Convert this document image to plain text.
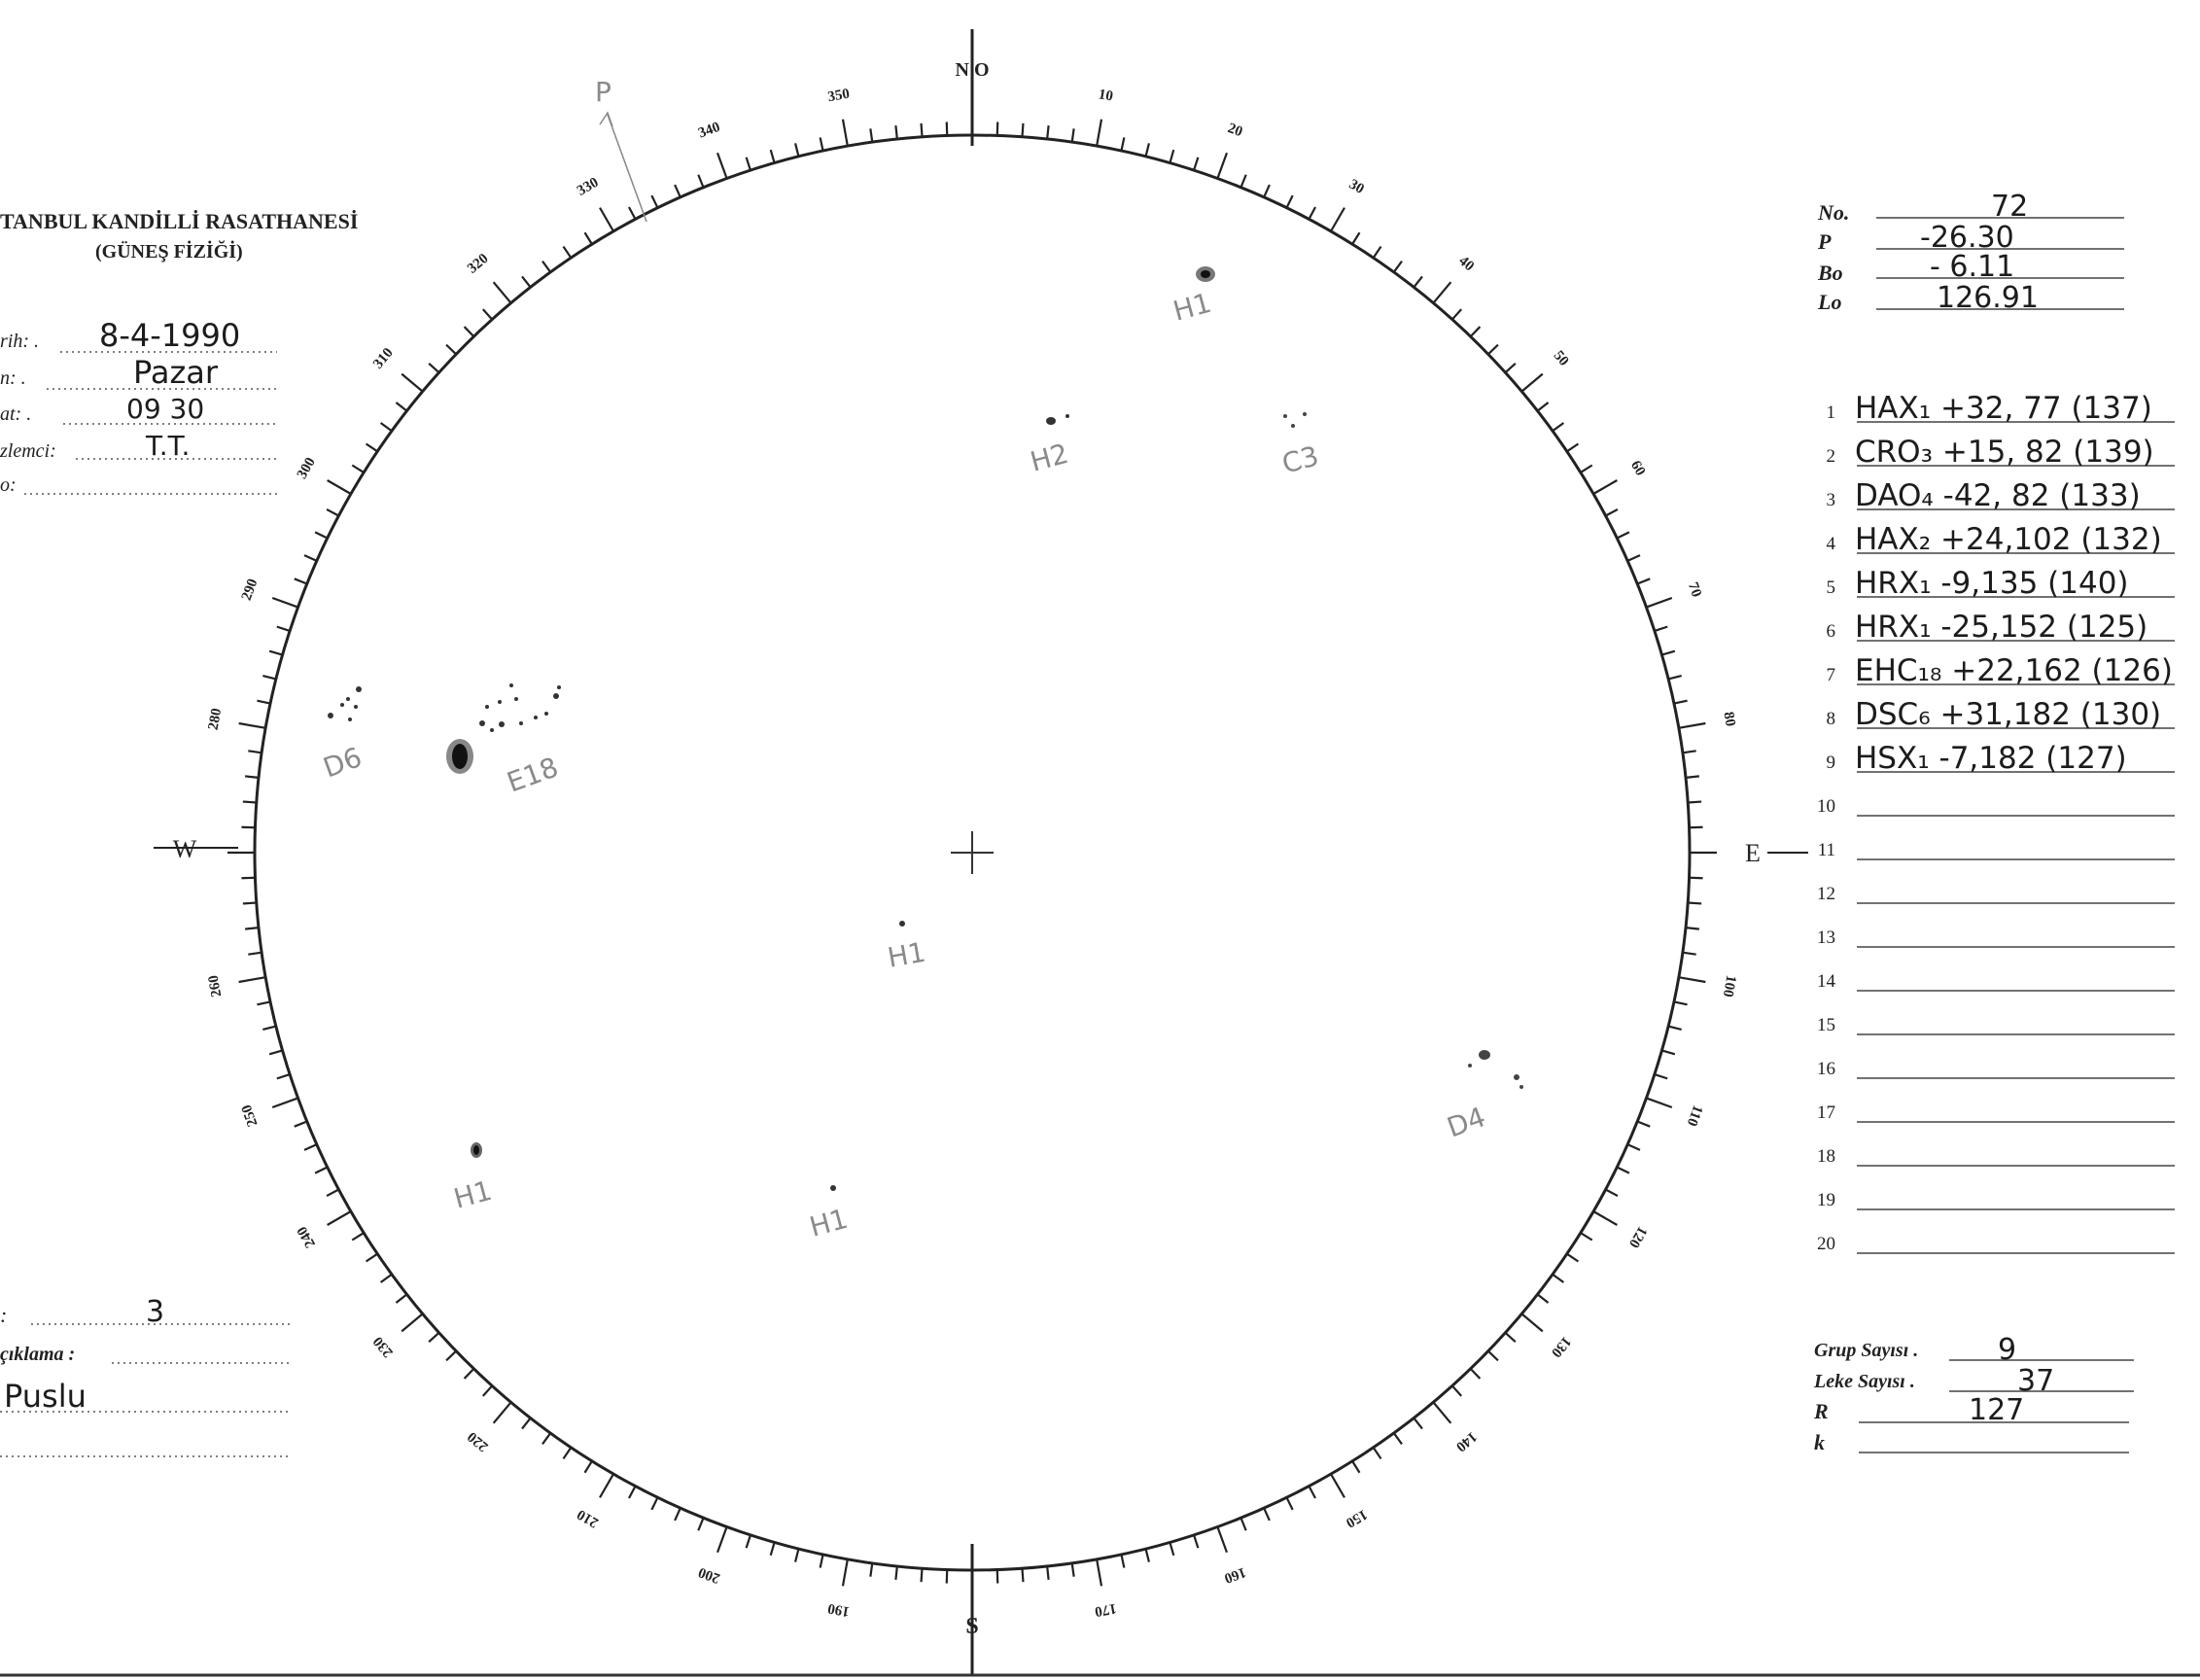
TANBUL KANDİLLİ RASATHANESİ
(GÜNEŞ FİZİĞİ)
rih: . 8-4-1990
n: .	Pazar
at: .	09 30
zlemci:	T.T.
o:
:	3
çıklama :
Puslu
10
20
30
40
50
60
70
80
100
110
120
130
140
150
160
170
190
200
210
220
230
240
250
260
280
290
300
310
320
330
340
350
N O
S
W	E
P
H1
H2	C3
D6	E18
H1
D4
H1
H1
No.	72
P	-26.30
Bo	- 6.11
Lo	126.91
1 HAX₁ +32, 77 (137)
2 CRO₃ +15, 82 (139)
3 DAO₄ -42, 82 (133)
4 HAX₂ +24,102 (132)
5 HRX₁ -9,135 (140)
6 HRX₁ -25,152 (125)
7 EHC₁₈ +22,162 (126)
8 DSC₆ +31,182 (130)
9 HSX₁ -7,182 (127)
10
11
12
13
14
15
16
17
18
19
20
Grup Sayısı .	9
Leke Sayısı .	37
R	127
k
